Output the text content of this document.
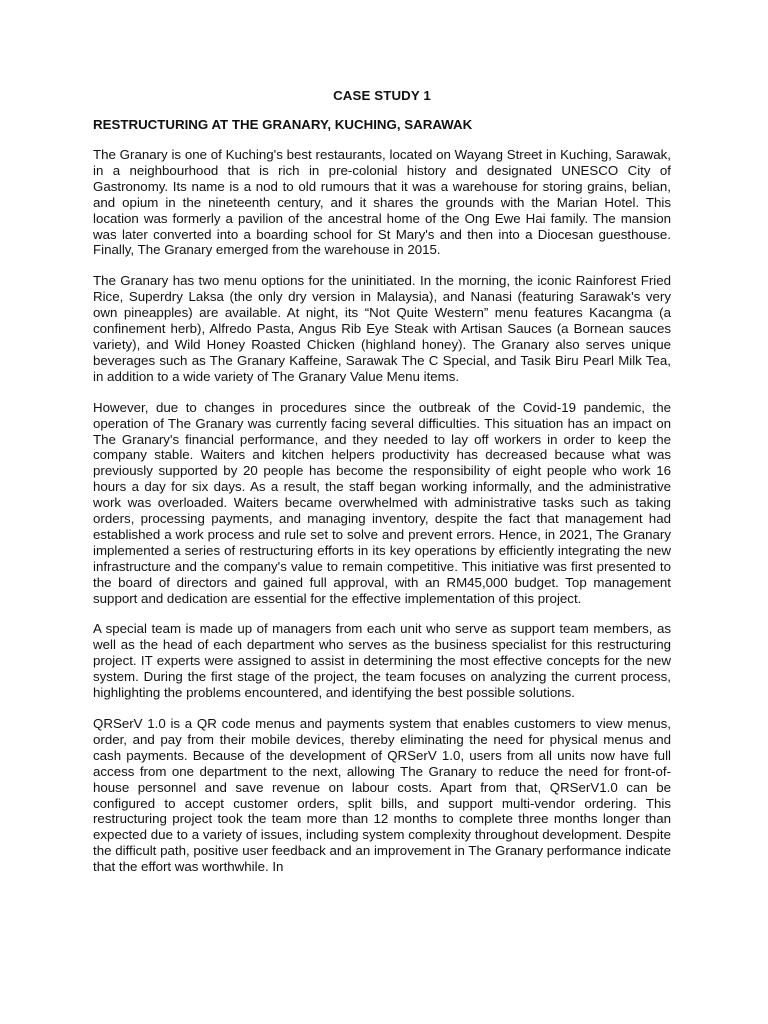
CASE STUDY 1
RESTRUCTURING AT THE GRANARY, KUCHING, SARAWAK

The Granary is one of Kuching's best restaurants, located on Wayang Street in Kuching, Sarawak, in a neighbourhood that is rich in pre-colonial history and designated UNESCO City of Gastronomy. Its name is a nod to old rumours that it was a warehouse for storing grains, belian, and opium in the nineteenth century, and it shares the grounds with the Marian Hotel. This location was formerly a pavilion of the ancestral home of the Ong Ewe Hai family. The mansion was later converted into a boarding school for St Mary's and then into a Diocesan guesthouse. Finally, The Granary emerged from the warehouse in 2015.

The Granary has two menu options for the uninitiated. In the morning, the iconic Rainforest Fried Rice, Superdry Laksa (the only dry version in Malaysia), and Nanasi (featuring Sarawak's very own pineapples) are available. At night, its “Not Quite Western” menu features Kacangma (a confinement herb), Alfredo Pasta, Angus Rib Eye Steak with Artisan Sauces (a Bornean sauces variety), and Wild Honey Roasted Chicken (highland honey). The Granary also serves unique beverages such as The Granary Kaffeine, Sarawak The C Special, and Tasik Biru Pearl Milk Tea, in addition to a wide variety of The Granary Value Menu items.

However, due to changes in procedures since the outbreak of the Covid-19 pandemic, the operation of The Granary was currently facing several difficulties. This situation has an impact on The Granary's financial performance, and they needed to lay off workers in order to keep the company stable. Waiters and kitchen helpers productivity has decreased because what was previously supported by 20 people has become the responsibility of eight people who work 16 hours a day for six days. As a result, the staff began working informally, and the administrative work was overloaded. Waiters became overwhelmed with administrative tasks such as taking orders, processing payments, and managing inventory, despite the fact that management had established a work process and rule set to solve and prevent errors. Hence, in 2021, The Granary implemented a series of restructuring efforts in its key operations by efficiently integrating the new infrastructure and the company's value to remain competitive. This initiative was first presented to the board of directors and gained full approval, with an RM45,000 budget. Top management support and dedication are essential for the effective implementation of this project.

A special team is made up of managers from each unit who serve as support team members, as well as the head of each department who serves as the business specialist for this restructuring project. IT experts were assigned to assist in determining the most effective concepts for the new system. During the first stage of the project, the team focuses on analyzing the current process, highlighting the problems encountered, and identifying the best possible solutions.

QRSerV 1.0 is a QR code menus and payments system that enables customers to view menus, order, and pay from their mobile devices, thereby eliminating the need for physical menus and cash payments. Because of the development of QRSerV 1.0, users from all units now have full access from one department to the next, allowing The Granary to reduce the need for front-of-house personnel and save revenue on labour costs. Apart from that, QRSerV1.0 can be configured to accept customer orders, split bills, and support multi-vendor ordering. This restructuring project took the team more than 12 months to complete three months longer than expected due to a variety of issues, including system complexity throughout development. Despite the difficult path, positive user feedback and an improvement in The Granary performance indicate that the effort was worthwhile. In
